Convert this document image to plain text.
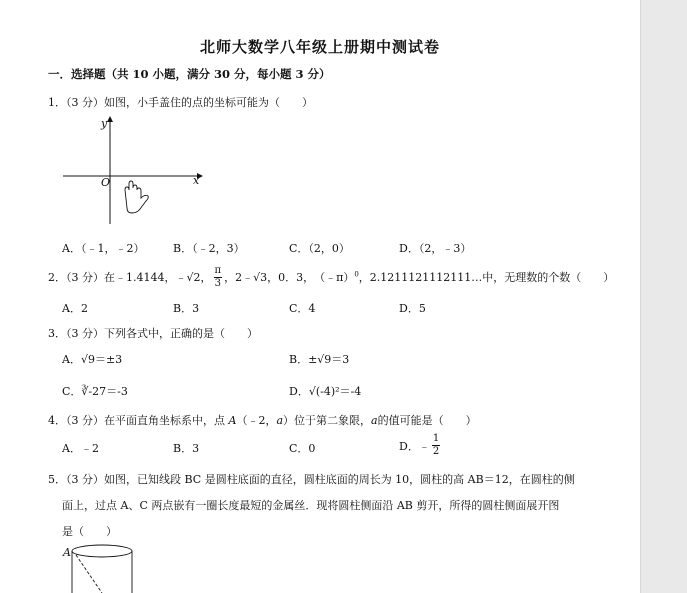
北师大数学八年级上册期中测试卷
一．选择题（共 10 小题，满分 30 分，每小题 3 分）
1．（3 分）如图，小手盖住的点的坐标可能为（　　）
y
x
O
A．（﹣1，﹣2）	B．（﹣2，3）	C．（2，0）	D．（2，﹣3）
2．（3 分）在﹣1.4144， ﹣√2 ， $\frac{\pi}{3}$ ， 2﹣√3 ， 0．3 ， （﹣π）$^0$ ，2.1211121112111…中，无理数的个数（　　）
A．2	B．3	C．4	D．5
3．（3 分）下列各式中，正确的是（　　）
A．√9＝±3	B．±√9＝3
C．∛-27＝-3	D．√(-4)²＝-4
4．（3 分）在平面直角坐标系中，点 A（﹣2，a）位于第二象限，a的值可能是（　　）
A．﹣2	B．3	C．0	D．﹣ $\frac{1}{2}$
5．（3 分）如图，已知线段 BC 是圆柱底面的直径，圆柱底面的周长为 10，圆柱的高 AB＝12，在圆柱的侧
面上，过点 A、C 两点嵌有一圈长度最短的金属丝．现将圆柱侧面沿 AB 剪开，所得的圆柱侧面展开图
是（　　）
A
